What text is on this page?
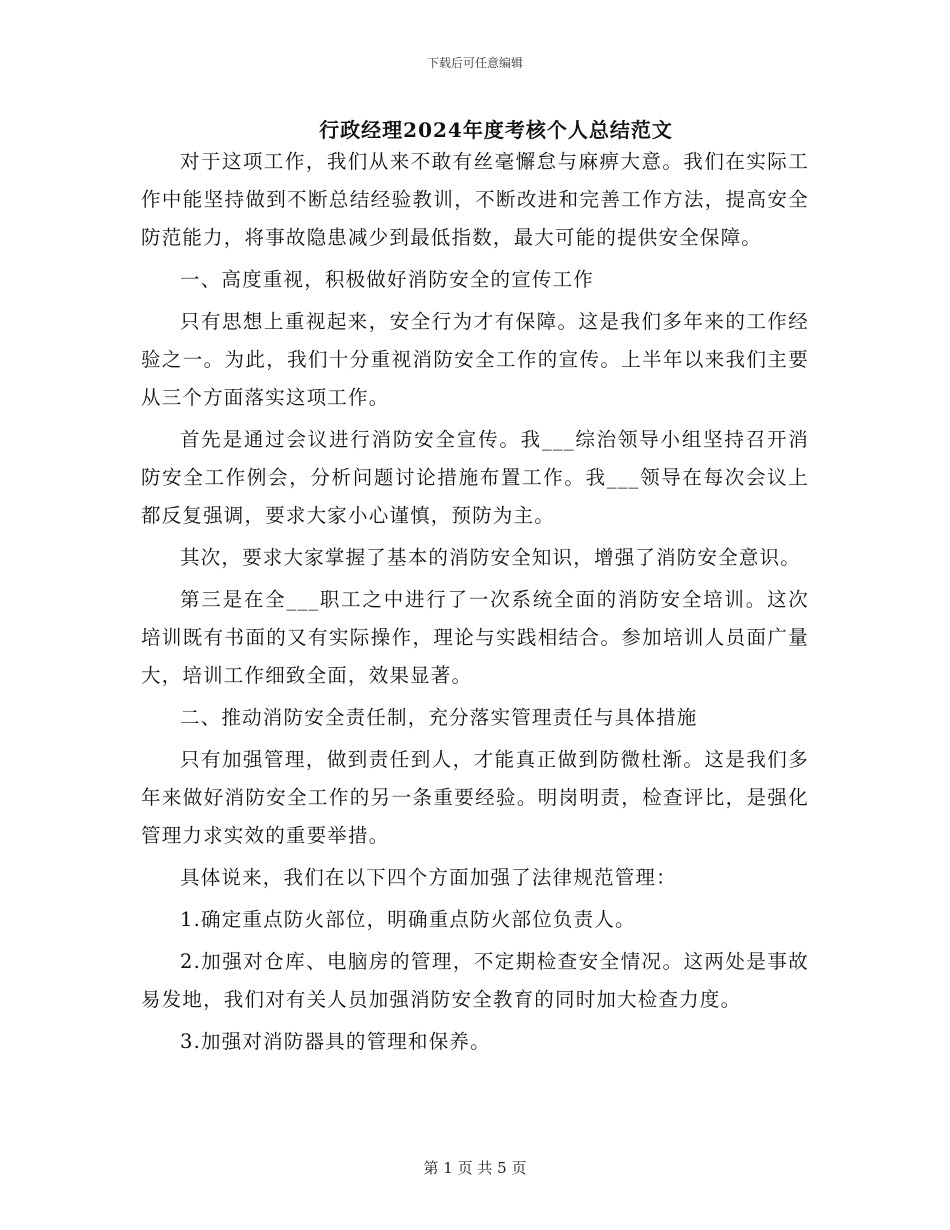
下载后可任意编辑
行政经理2024年度考核个人总结范文

对于这项工作，我们从来不敢有丝毫懈怠与麻痹大意。我们在实际工作中能坚持做到不断总结经验教训，不断改进和完善工作方法，提高安全防范能力，将事故隐患减少到最低指数，最大可能的提供安全保障。

一、高度重视，积极做好消防安全的宣传工作

只有思想上重视起来，安全行为才有保障。这是我们多年来的工作经验之一。为此，我们十分重视消防安全工作的宣传。上半年以来我们主要从三个方面落实这项工作。

首先是通过会议进行消防安全宣传。我___综治领导小组坚持召开消防安全工作例会，分析问题讨论措施布置工作。我___领导在每次会议上都反复强调，要求大家小心谨慎，预防为主。

其次，要求大家掌握了基本的消防安全知识，增强了消防安全意识。

第三是在全___职工之中进行了一次系统全面的消防安全培训。这次培训既有书面的又有实际操作，理论与实践相结合。参加培训人员面广量大，培训工作细致全面，效果显著。

二、推动消防安全责任制，充分落实管理责任与具体措施

只有加强管理，做到责任到人，才能真正做到防微杜渐。这是我们多年来做好消防安全工作的另一条重要经验。明岗明责，检查评比，是强化管理力求实效的重要举措。

具体说来，我们在以下四个方面加强了法律规范管理：

1.确定重点防火部位，明确重点防火部位负责人。

2.加强对仓库、电脑房的管理，不定期检查安全情况。这两处是事故易发地，我们对有关人员加强消防安全教育的同时加大检查力度。

3.加强对消防器具的管理和保养。

第 1 页 共 5 页
